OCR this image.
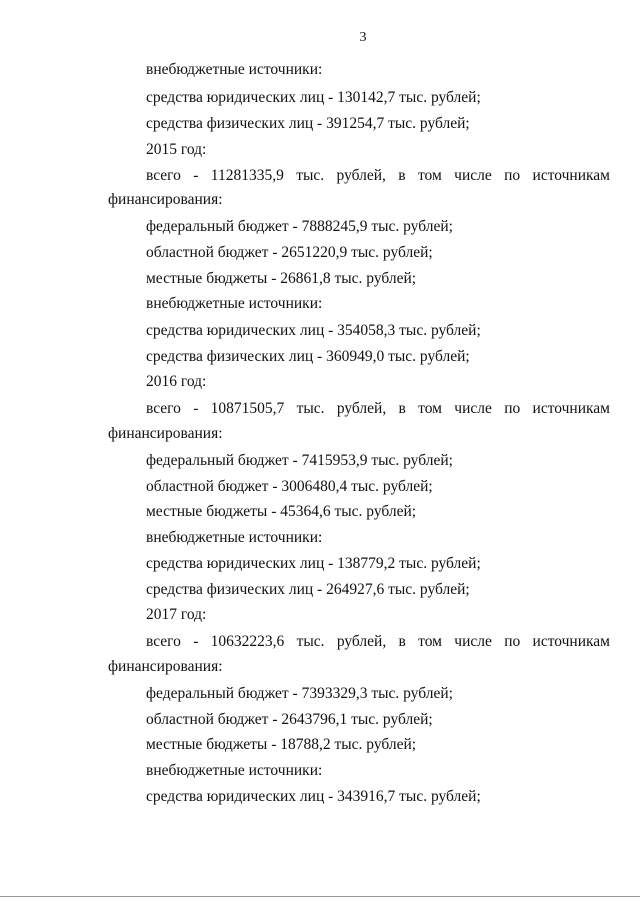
3
внебюджетные источники:
средства юридических лиц - 130142,7 тыс. рублей;
средства физических лиц - 391254,7 тыс. рублей;
2015 год:
всего - 11281335,9 тыс. рублей, в том числе по источникам
финансирования:
федеральный бюджет - 7888245,9 тыс. рублей;
областной бюджет - 2651220,9 тыс. рублей;
местные бюджеты - 26861,8 тыс. рублей;
внебюджетные источники:
средства юридических лиц - 354058,3 тыс. рублей;
средства физических лиц - 360949,0 тыс. рублей;
2016 год:
всего - 10871505,7 тыс. рублей, в том числе по источникам
финансирования:
федеральный бюджет - 7415953,9 тыс. рублей;
областной бюджет - 3006480,4 тыс. рублей;
местные бюджеты - 45364,6 тыс. рублей;
внебюджетные источники:
средства юридических лиц - 138779,2 тыс. рублей;
средства физических лиц - 264927,6 тыс. рублей;
2017 год:
всего - 10632223,6 тыс. рублей, в том числе по источникам
финансирования:
федеральный бюджет - 7393329,3 тыс. рублей;
областной бюджет - 2643796,1 тыс. рублей;
местные бюджеты - 18788,2 тыс. рублей;
внебюджетные источники:
средства юридических лиц - 343916,7 тыс. рублей;
